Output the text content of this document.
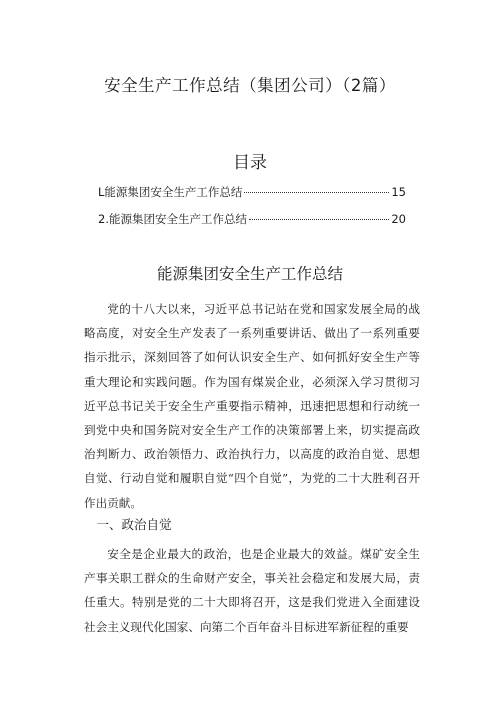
安全生产工作总结（集团公司）（2篇）
目录
L能源集团安全生产工作总结	15
2.能源集团安全生产工作总结	20
能源集团安全生产工作总结

党的十八大以来，习近平总书记站在党和国家发展全局的战略高度，对安全生产发表了一系列重要讲话、做出了一系列重要指示批示，深刻回答了如何认识安全生产、如何抓好安全生产等重大理论和实践问题。作为国有煤炭企业，必须深入学习贯彻习近平总书记关于安全生产重要指示精神，迅速把思想和行动统一到党中央和国务院对安全生产工作的决策部署上来，切实提高政治判断力、政治领悟力、政治执行力，以高度的政治自觉、思想自觉、行动自觉和履职自觉“四个自觉”，为党的二十大胜利召开作出贡献。

一、政治自觉

安全是企业最大的政治，也是企业最大的效益。煤矿安全生产事关职工群众的生命财产安全，事关社会稳定和发展大局，责任重大。特别是党的二十大即将召开，这是我们党进入全面建设社会主义现代化国家、向第二个百年奋斗目标进军新征程的重要
